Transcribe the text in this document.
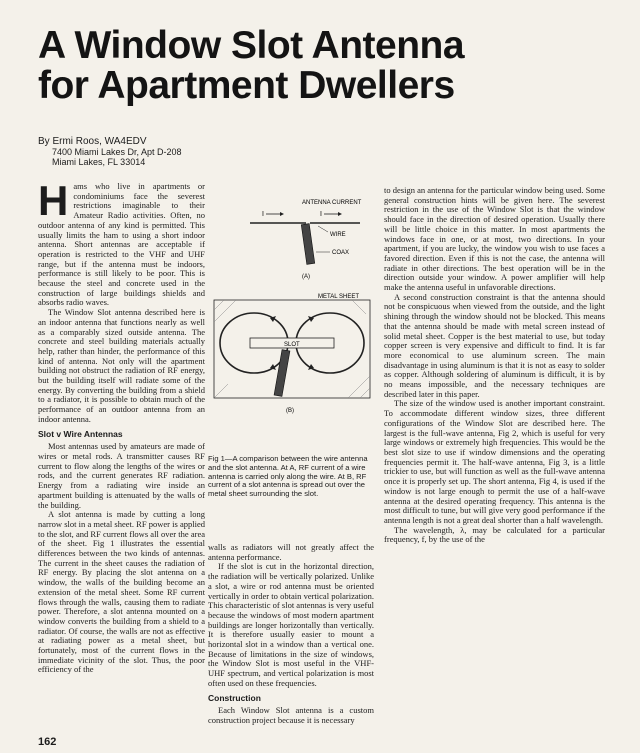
A Window Slot Antenna
for Apartment Dwellers
By Ermi Roos, WA4EDV
7400 Miami Lakes Dr, Apt D-208
Miami Lakes, FL 33014

Hams who live in apartments or condominiums face the severest restrictions imaginable to their Amateur Radio activities. Often, no outdoor antenna of any kind is permitted. This usually limits the ham to using a short indoor antenna. Short antennas are acceptable if operation is restricted to the VHF and UHF range, but if the antenna must be indoors, performance is still likely to be poor. This is because the steel and concrete used in the construction of large buildings shields and absorbs radio waves.

The Window Slot antenna described here is an indoor antenna that functions nearly as well as a comparably sized outside antenna. The concrete and steel building materials actually help, rather than hinder, the performance of this kind of antenna. Not only will the apartment building not obstruct the radiation of RF energy, but the building itself will radiate some of the energy. By converting the building from a shield to a radiator, it is possible to obtain much of the performance of an outdoor antenna from an indoor antenna.

Slot v Wire Antennas

Most antennas used by amateurs are made of wires or metal rods. A transmitter causes RF current to flow along the lengths of the wires or rods, and the current generates RF radiation. Energy from a radiating wire inside an apartment building is attenuated by the walls of the building.

A slot antenna is made by cutting a long narrow slot in a metal sheet. RF power is applied to the slot, and RF current flows all over the area of the sheet. Fig 1 illustrates the essential differences between the two kinds of antennas. The current in the sheet causes the radiation of RF energy. By placing the slot antenna on a window, the walls of the building become an extension of the metal sheet. Some RF current flows through the walls, causing them to radiate power. Therefore, a slot antenna mounted on a window converts the building from a shield to a radiator. Of course, the walls are not as effective at radiating power as a metal sheet, but fortunately, most of the current flows in the immediate vicinity of the slot. Thus, the poor efficiency of the

ANTENNA CURRENT
I	I
WIRE
COAX
(A)
METAL SHEET
SLOT
(B)
Fig 1—A comparison between the wire antenna and the slot antenna. At A, RF current of a wire antenna is carried only along the wire. At B, RF current of a slot antenna is spread out over the metal sheet surrounding the slot.

walls as radiators will not greatly affect the antenna performance.

If the slot is cut in the horizontal direction, the radiation will be vertically polarized. Unlike a slot, a wire or rod antenna must be oriented vertically in order to obtain vertical polarization. This characteristic of slot antennas is very useful because the windows of most modern apartment buildings are longer horizontally than vertically. It is therefore usually easier to mount a horizontal slot in a window than a vertical one. Because of limitations in the size of windows, the Window Slot is most useful in the VHF-UHF spectrum, and vertical polarization is most often used on these frequencies.

Construction

Each Window Slot antenna is a custom construction project because it is necessary

to design an antenna for the particular window being used. Some general construction hints will be given here. The severest restriction in the use of the Window Slot is that the window should face in the direction of desired operation. Usually there will be little choice in this matter. In most apartments the windows face in one, or at most, two directions. In your apartment, if you are lucky, the window you wish to use faces a favored direction. Even if this is not the case, the antenna will radiate in other directions. The best operation will be in the direction outside your window. A power amplifier will help make the antenna useful in unfavorable directions.

A second construction constraint is that the antenna should not be conspicuous when viewed from the outside, and the light shining through the window should not be blocked. This means that the antenna should be made with metal screen instead of solid metal sheet. Copper is the best material to use, but today copper screen is very expensive and difficult to find. It is far more economical to use aluminum screen. The main disadvantage in using aluminum is that it is not as easy to solder as copper. Although soldering of aluminum is difficult, it is by no means impossible, and the necessary techniques are described later in this paper.

The size of the window used is another important constraint. To accommodate different window sizes, three different configurations of the Window Slot are described here. The largest is the full-wave antenna, Fig 2, which is useful for very large windows or extremely high frequencies. This would be the best slot size to use if window dimensions and the operating frequencies permit it. The half-wave antenna, Fig 3, is a little trickier to use, but will function as well as the full-wave antenna once it is properly set up. The short antenna, Fig 4, is used if the window is not large enough to permit the use of a half-wave antenna at the desired operating frequency. This antenna is the most difficult to tune, but will give very good performance if the antenna length is not a great deal shorter than a half wavelength.

The wavelength, λ, may be calculated for a particular frequency, f, by the use of the

162
